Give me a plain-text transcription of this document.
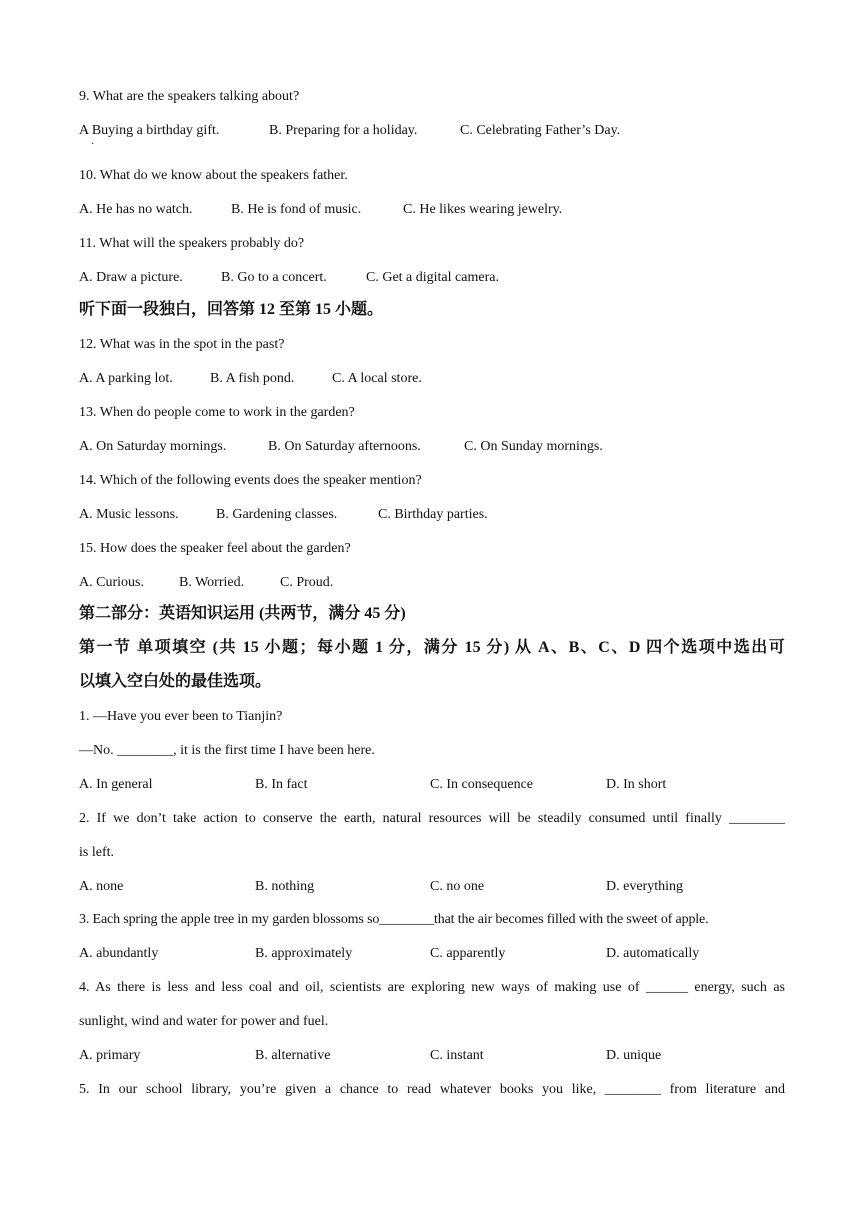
9. What are the speakers talking about?
A Buying a birthday gift.	B. Preparing for a holiday.	C. Celebrating Father’s Day.
·
10. What do we know about the speakers father.
A. He has no watch.	B. He is fond of music.	C. He likes wearing jewelry.
11. What will the speakers probably do?
A. Draw a picture.	B. Go to a concert.	C. Get a digital camera.
听下面一段独白，回答第 12 至第 15 小题。
12. What was in the spot in the past?
A. A parking lot.	B. A fish pond.	C. A local store.
13. When do people come to work in the garden?
A. On Saturday mornings.	B. On Saturday afternoons.	C. On Sunday mornings.
14. Which of the following events does the speaker mention?
A. Music lessons.	B. Gardening classes.	C. Birthday parties.
15. How does the speaker feel about the garden?
A. Curious.	B. Worried.	C. Proud.
第二部分：英语知识运用 (共两节，满分 45 分)
第一节 单项填空 (共 15 小题；每小题 1 分，满分 15 分) 从 A、B、C、D 四个选项中选出可
以填入空白处的最佳选项。
1. —Have you ever been to Tianjin?
—No. ________, it is the first time I have been here.
A. In general	B. In fact	C. In consequence	D. In short
2. If we don’t take action to conserve the earth, natural resources will be steadily consumed until finally ________
is left.
A. none	B. nothing	C. no one	D. everything
3. Each spring the apple tree in my garden blossoms so________that the air becomes filled with the sweet of apple.
A. abundantly	B. approximately	C. apparently	D. automatically
4. As there is less and less coal and oil, scientists are exploring new ways of making use of ______ energy, such as
sunlight, wind and water for power and fuel.
A. primary	B. alternative	C. instant	D. unique
5. In our school library, you’re given a chance to read whatever books you like, ________ from literature and
